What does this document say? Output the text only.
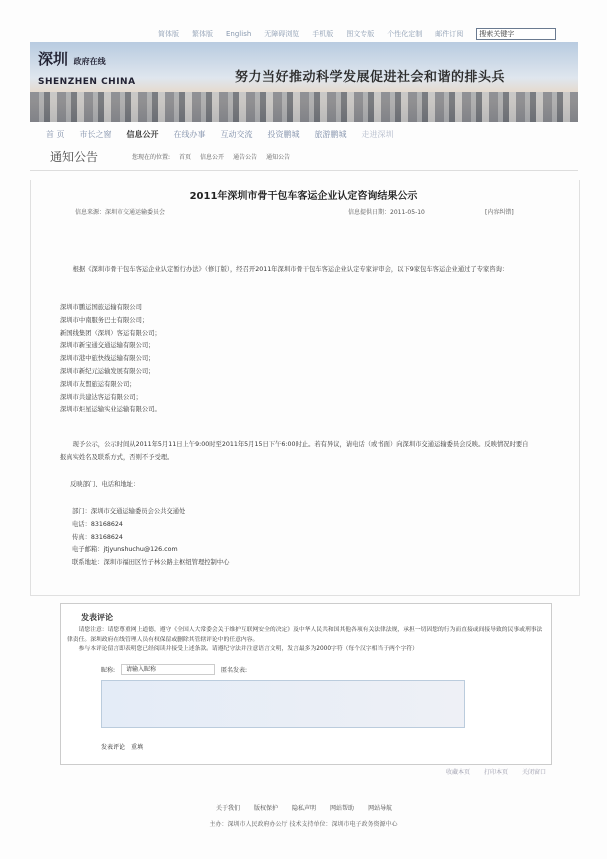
简体版 繁体版 English 无障碍浏览 手机版 图文专版 个性化定制 邮件订阅	搜索关键字
深圳 政府在线
SHENZHEN CHINA	努力当好推动科学发展促进社会和谐的排头兵
首 页 市长之窗 信息公开 在线办事 互动交流 投资鹏城 旅游鹏城 走进深圳
通知公告	您现在的位置: 首页 信息公开 通告公告 通知公告
2011年深圳市骨干包车客运企业认定咨询结果公示
信息来源：深圳市交通运输委员会	信息提供日期：2011-05-10	[内容纠错]
根据《深圳市骨干包车客运企业认定暂行办法》（修订版），经召开2011年深圳市骨干包车客运企业认定专家评审会，以下9家包车客运企业通过了专家咨询：
深圳市鹏运国旅运输有限公司
深圳市中南服务巴士有限公司；
新国线集团（深圳）客运有限公司；
深圳市新宝通交通运输有限公司；
深圳市港中旅快线运输有限公司；
深圳市新纪元运输发展有限公司；
深圳市友盟旅运有限公司；
深圳市共建达客运有限公司；
深圳市炬星运输实业运输有限公司。
现予公示，公示时间从2011年5月11日上午9:00时至2011年5月15日下午6:00时止。若有异议，请电话（或书面）向深圳市交通运输委员会反映。反映情况时要自报真实姓名及联系方式，否则不予受理。
反映部门、电话和地址：
部门：深圳市交通运输委员会公共交通处
电话：83168624
传真：83168624
电子邮箱：jtjyunshuchu@126.com
联系地址：深圳市福田区竹子林公路主枢纽管理控制中心
发表评论
请您注意：请您尊重网上道德，遵守《全国人大常委会关于维护互联网安全的决定》及中华人民共和国其他各项有关法律法规，承担一切因您的行为而直接或间接导致的民事或刑事法律责任。深圳政府在线管理人员有权保留或删除其管辖评论中的任意内容。
参与本评论留言即表明您已经阅读并接受上述条款。请遵纪守法并注意语言文明，发言最多为2000字符（每个汉字相当于两个字符）
昵称:	请输入昵称	匿名发表:
发表评论 重填
收藏本页 打印本页 关闭窗口
关于我们 版权保护 隐私声明 网站帮助 网站导航
主办：深圳市人民政府办公厅 技术支持单位：深圳市电子政务资源中心
